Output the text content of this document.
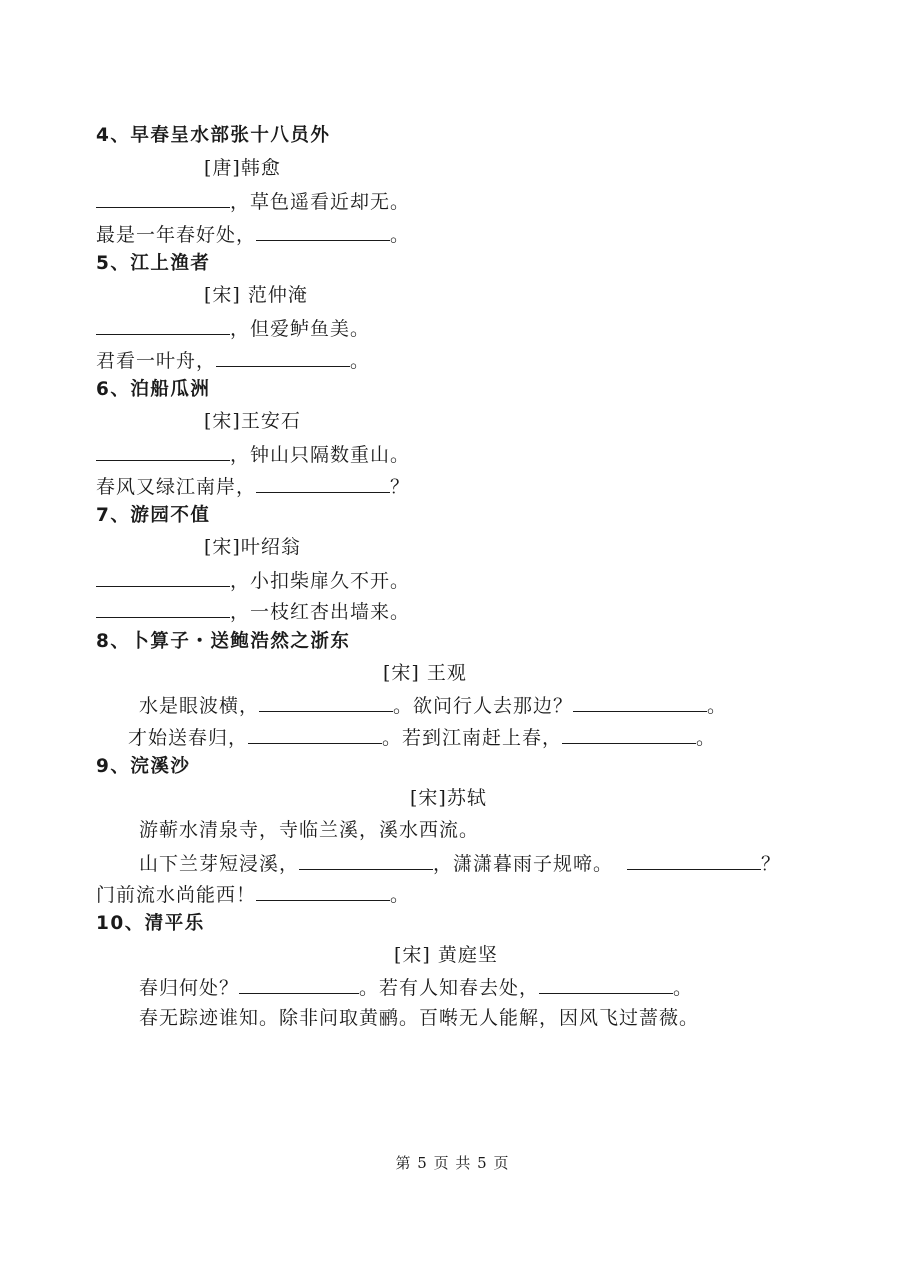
4、早春呈水部张十八员外
[唐]韩愈
，草色遥看近却无。
最是一年春好处，	。
5、江上渔者
[宋] 范仲淹
，但爱鲈鱼美。
君看一叶舟，	。
6、泊船瓜洲
[宋]王安石
，钟山只隔数重山。
春风又绿江南岸，	？
7、游园不值
[宋]叶绍翁
，小扣柴扉久不开。
，一枝红杏出墙来。
8、卜算子・送鲍浩然之浙东
[宋] 王观
水是眼波横，	。欲问行人去那边？	。
才始送春归，	。若到江南赶上春，	。
9、浣溪沙
[宋]苏轼
游蕲水清泉寺，寺临兰溪，溪水西流。
山下兰芽短浸溪，	，潇潇暮雨子规啼。	？
门前流水尚能西！	。
10、清平乐
[宋] 黄庭坚
春归何处？	。若有人知春去处，	。
春无踪迹谁知。除非问取黄鹂。百啭无人能解，因风飞过蔷薇。
第 5 页 共 5 页
